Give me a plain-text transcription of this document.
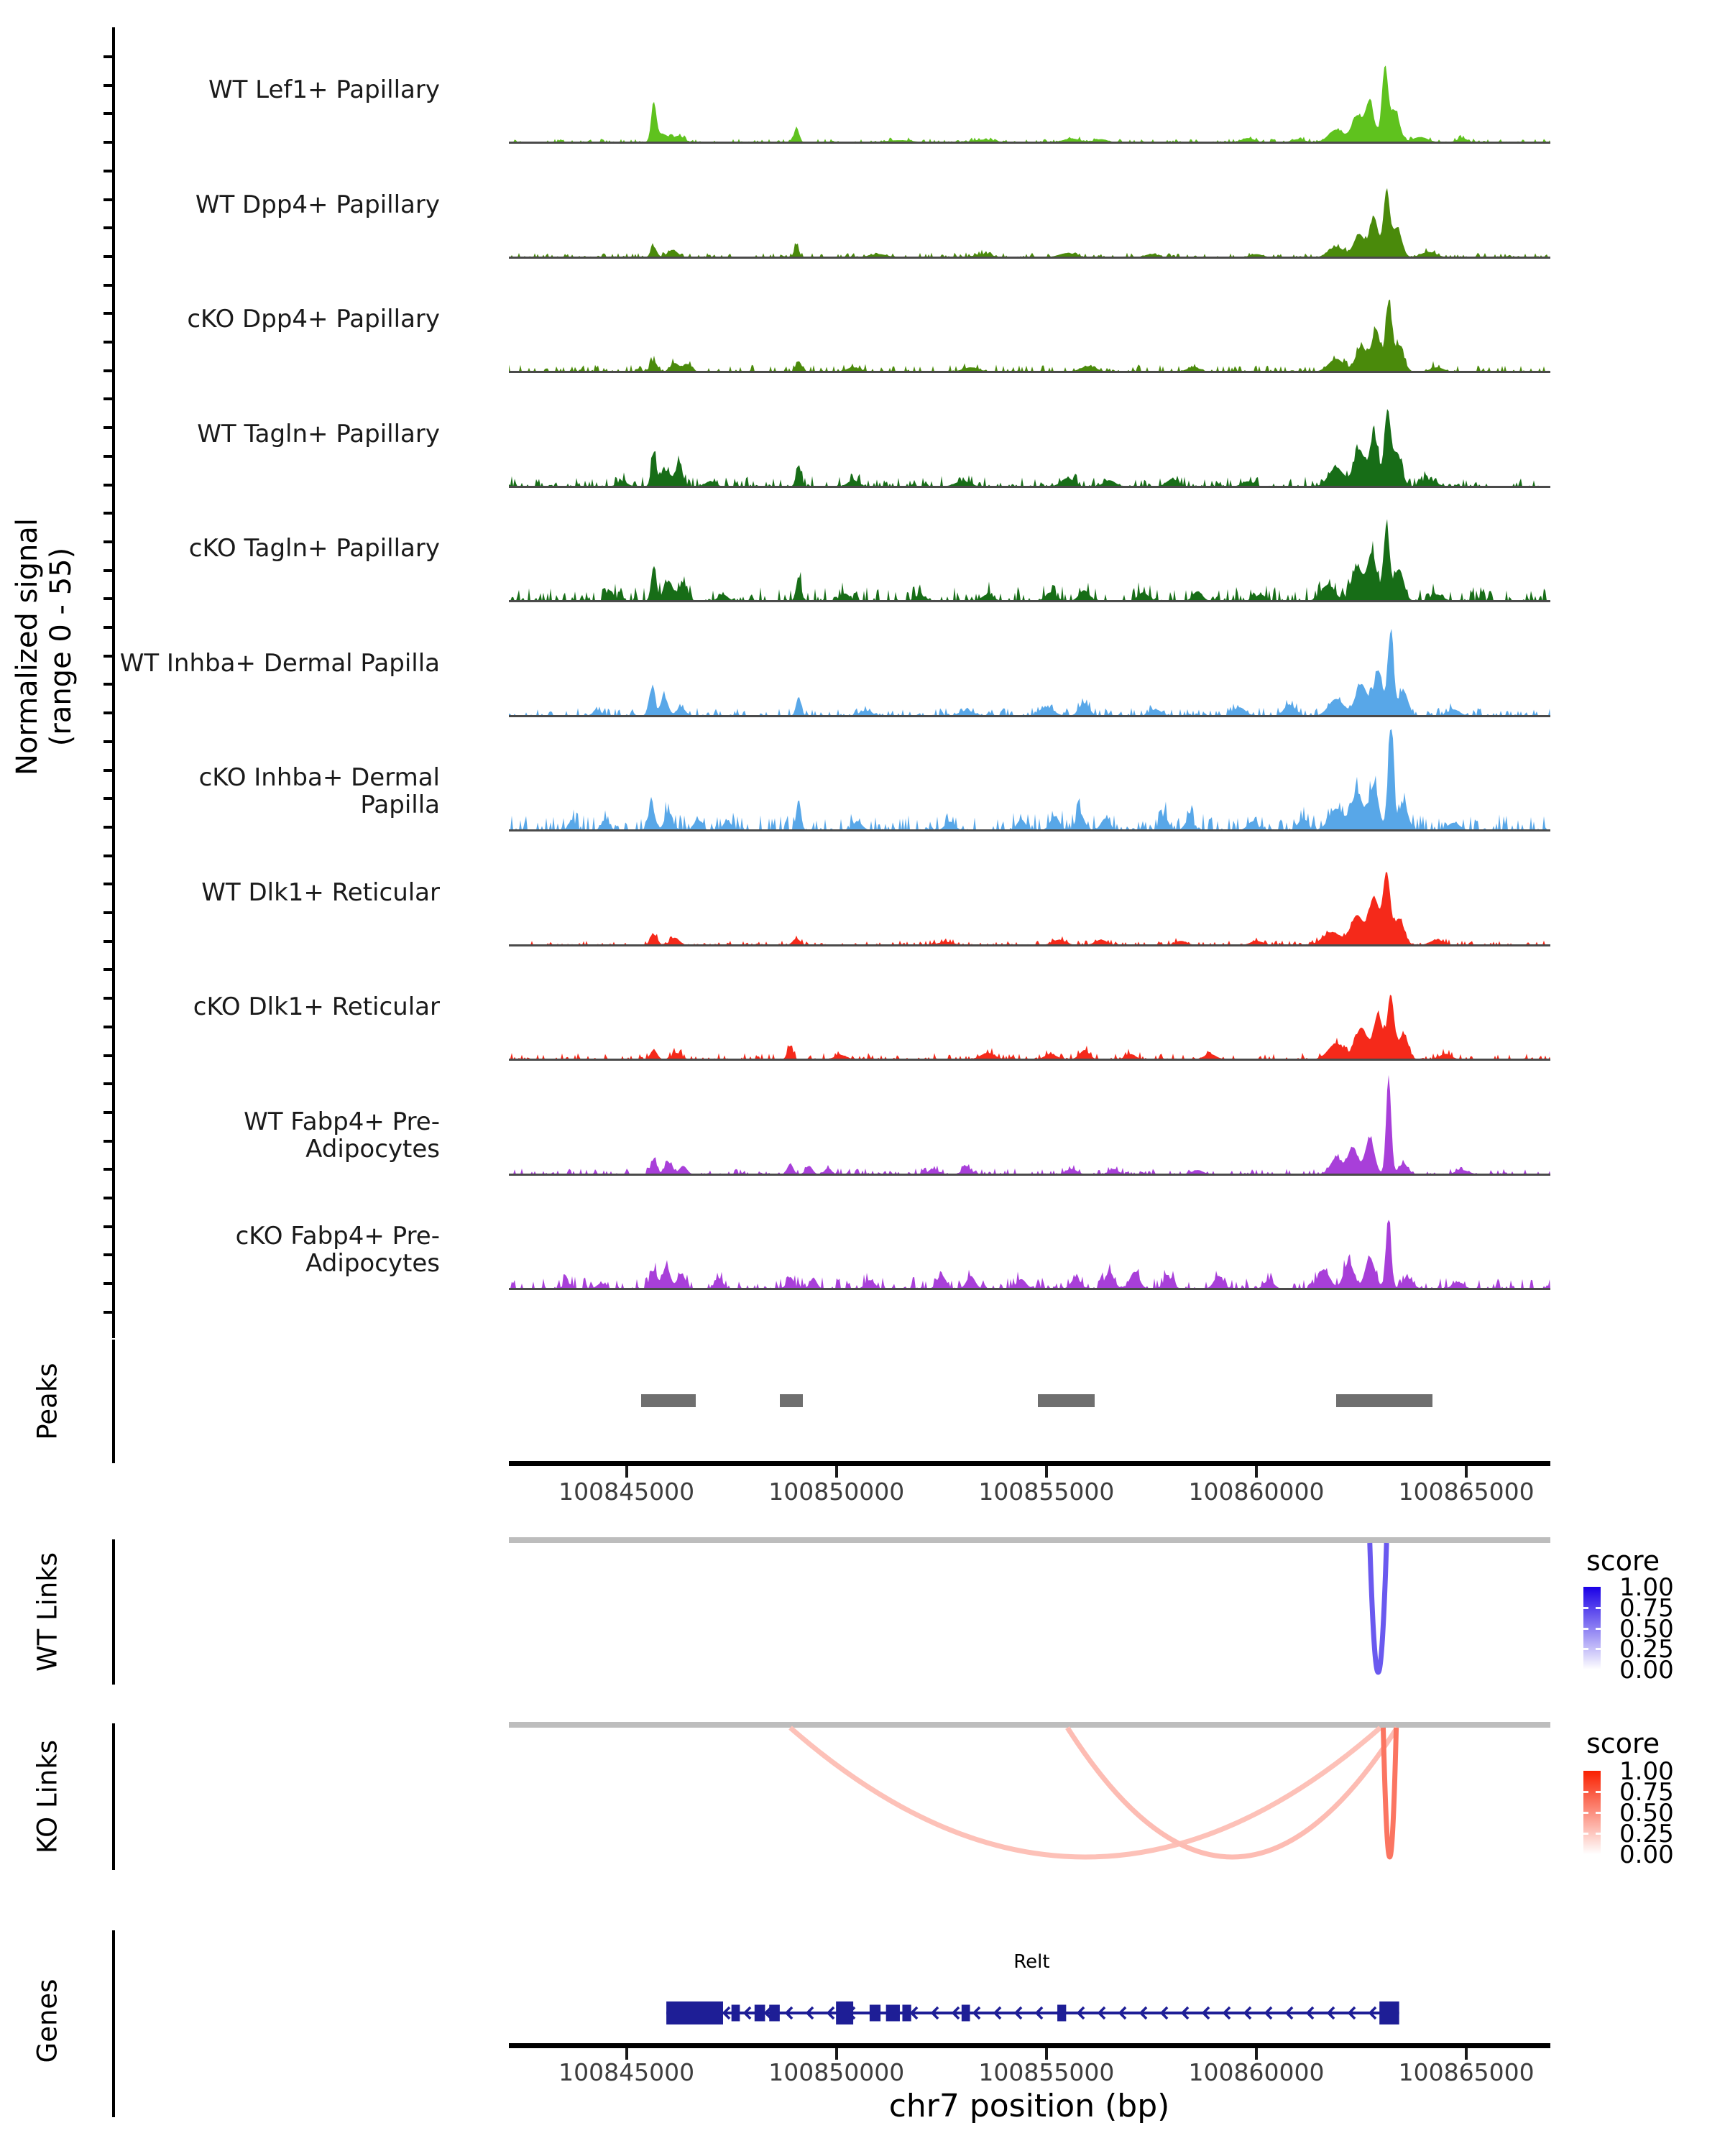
Normalized signal (range 0 - 55)
WT Lef1+ Papillary
WT Dpp4+ Papillary
cKO Dpp4+ Papillary
WT Tagln+ Papillary
cKO Tagln+ Papillary
WT Inhba+ Dermal Papilla
cKO Inhba+ Dermal Papilla
WT Dlk1+ Reticular
cKO Dlk1+ Reticular
WT Fabp4+ Pre-Adipocytes
cKO Fabp4+ Pre-Adipocytes
Peaks
100845000	100850000	100855000	100860000	100865000
WT Links	score
1.00
0.75
0.50
0.25
0.00
KO Links	score
1.00
0.75
0.50
0.25
0.00
Genes
Relt
100845000	100850000	100855000	100860000	100865000
chr7 position (bp)
